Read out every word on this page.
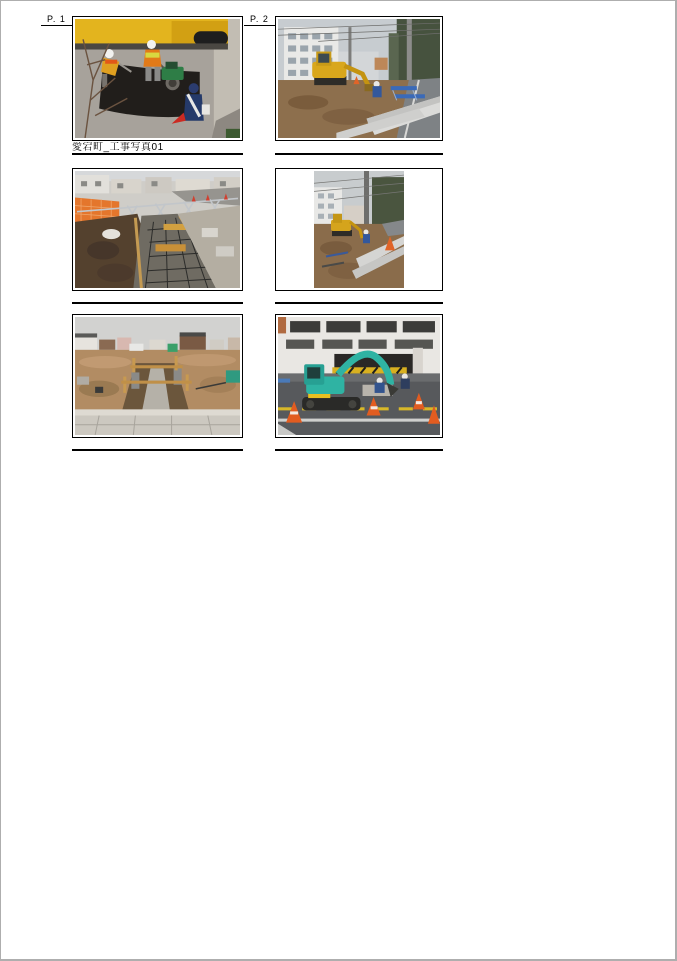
P. 1	P. 2
愛宕町_工事写真01
